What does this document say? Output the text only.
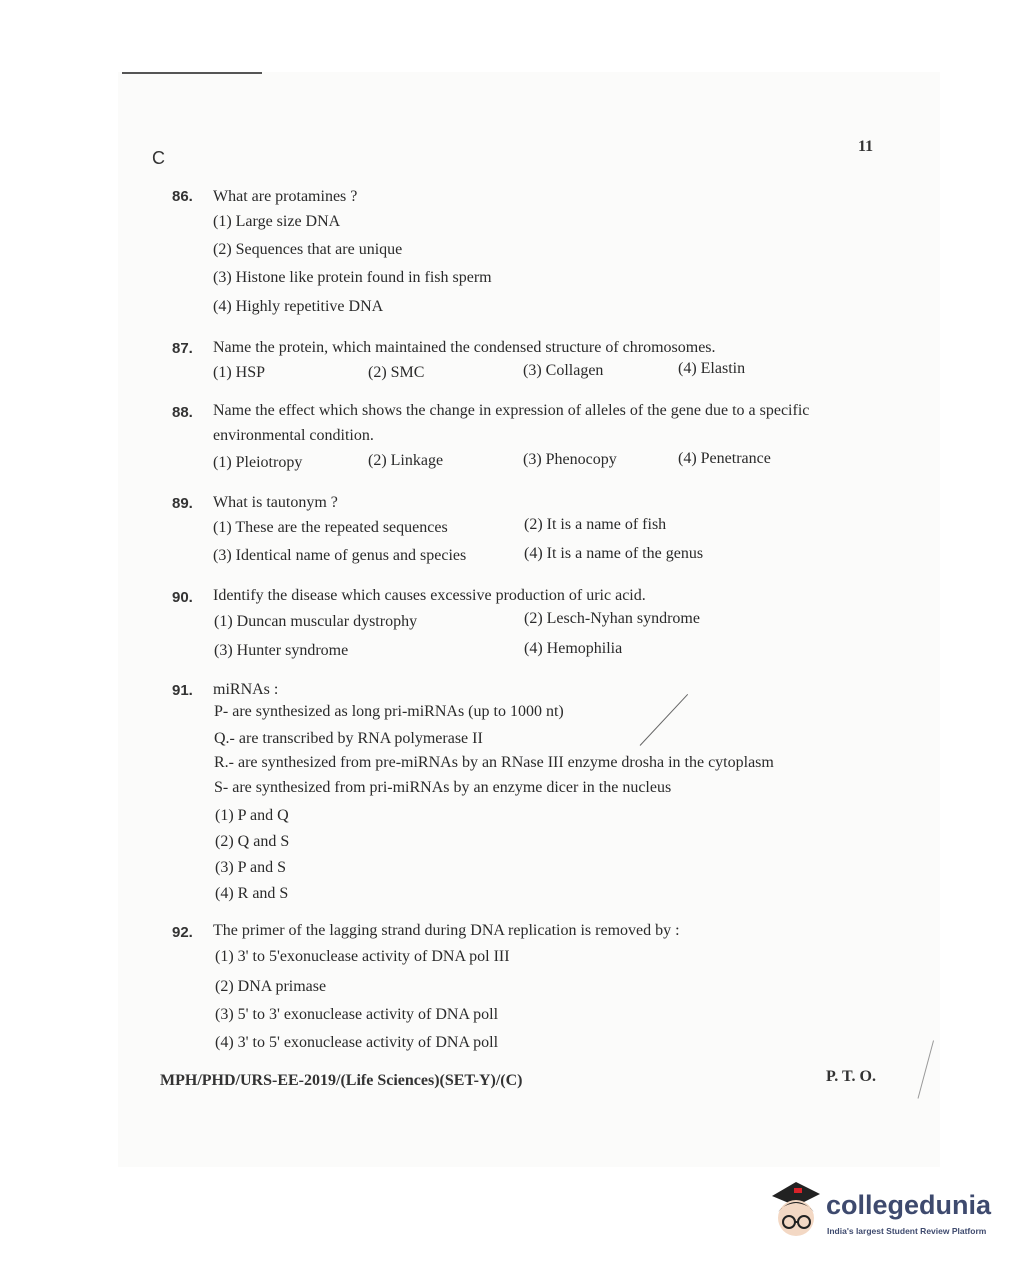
C
11
86. What are protamines ?
(1) Large size DNA
(2) Sequences that are unique
(3) Histone like protein found in fish sperm
(4) Highly repetitive DNA
87. Name the protein, which maintained the condensed structure of chromosomes.
(1) HSP	(2) SMC	(3) Collagen	(4) Elastin
88. Name the effect which shows the change in expression of alleles of the gene due to a specific environmental condition.
(1) Pleiotropy	(2) Linkage	(3) Phenocopy	(4) Penetrance
89. What is tautonym ?
(1) These are the repeated sequences	(2) It is a name of fish
(3) Identical name of genus and species	(4) It is a name of the genus
90. Identify the disease which causes excessive production of uric acid.
(1) Duncan muscular dystrophy	(2) Lesch-Nyhan syndrome
(3) Hunter syndrome	(4) Hemophilia
91. miRNAs :
P- are synthesized as long pri-miRNAs (up to 1000 nt)
Q.- are transcribed by RNA polymerase II
R.- are synthesized from pre-miRNAs by an RNase III enzyme drosha in the cytoplasm
S- are synthesized from pri-miRNAs by an enzyme dicer in the nucleus
(1) P and Q
(2) Q and S
(3) P and S
(4) R and S
92. The primer of the lagging strand during DNA replication is removed by :
(1) 3' to 5'exonuclease activity of DNA pol III
(2) DNA primase
(3) 5' to 3' exonuclease activity of DNA poll
(4) 3' to 5' exonuclease activity of DNA poll
MPH/PHD/URS-EE-2019/(Life Sciences)(SET-Y)/(C)	P. T. O.
collegedunia
India's largest Student Review Platform
